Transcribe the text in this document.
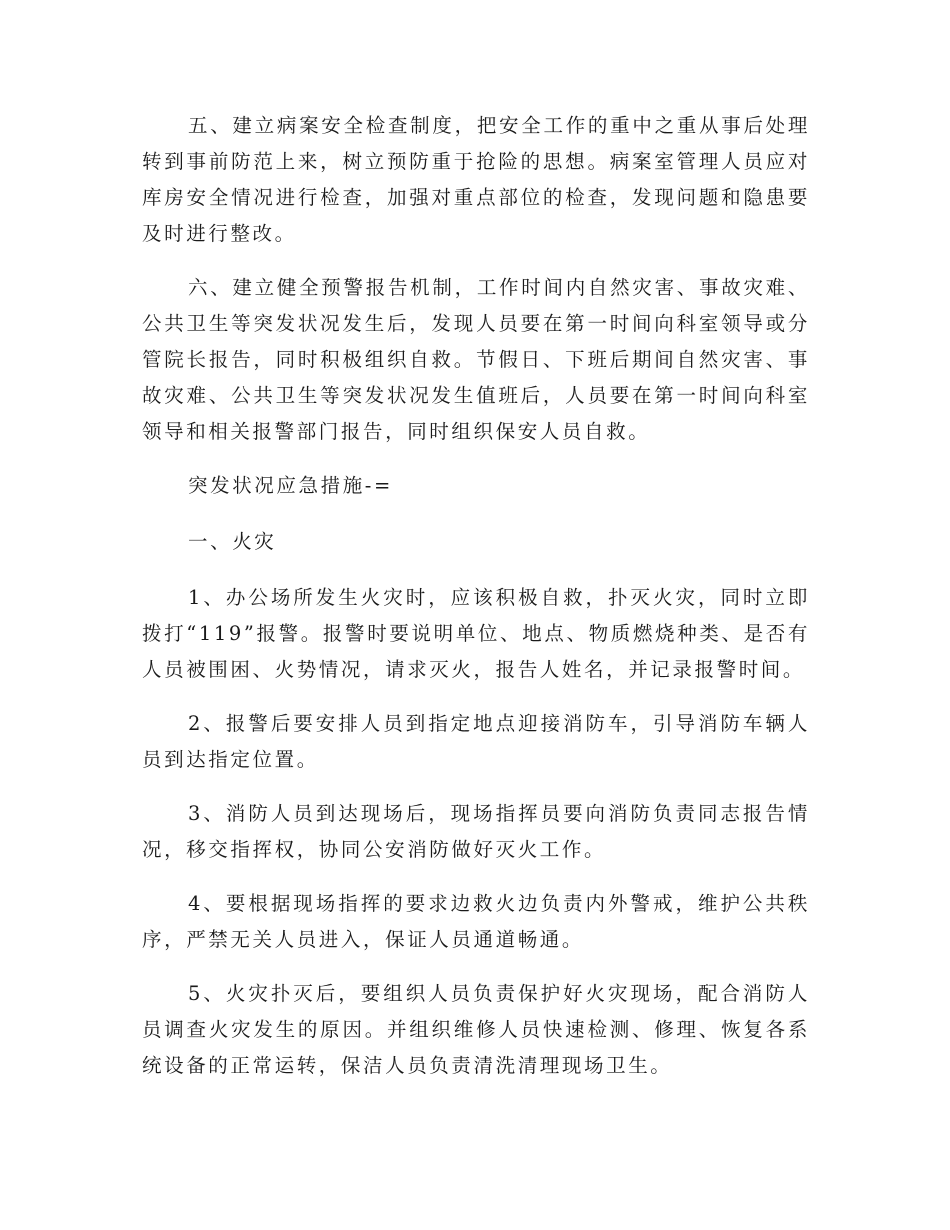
五、建立病案安全检查制度，把安全工作的重中之重从事后处理转到事前防范上来，树立预防重于抢险的思想。病案室管理人员应对库房安全情况进行检查，加强对重点部位的检查，发现问题和隐患要及时进行整改。

六、建立健全预警报告机制，工作时间内自然灾害、事故灾难、公共卫生等突发状况发生后，发现人员要在第一时间向科室领导或分管院长报告，同时积极组织自救。节假日、下班后期间自然灾害、事故灾难、公共卫生等突发状况发生值班后，人员要在第一时间向科室领导和相关报警部门报告，同时组织保安人员自救。

突发状况应急措施-=

一、火灾

1、办公场所发生火灾时，应该积极自救，扑灭火灾，同时立即拨打“119”报警。报警时要说明单位、地点、物质燃烧种类、是否有人员被围困、火势情况，请求灭火，报告人姓名，并记录报警时间。

2、报警后要安排人员到指定地点迎接消防车，引导消防车辆人员到达指定位置。

3、消防人员到达现场后，现场指挥员要向消防负责同志报告情况，移交指挥权，协同公安消防做好灭火工作。

4、要根据现场指挥的要求边救火边负责内外警戒，维护公共秩序，严禁无关人员进入，保证人员通道畅通。

5、火灾扑灭后，要组织人员负责保护好火灾现场，配合消防人员调查火灾发生的原因。并组织维修人员快速检测、修理、恢复各系统设备的正常运转，保洁人员负责清洗清理现场卫生。
